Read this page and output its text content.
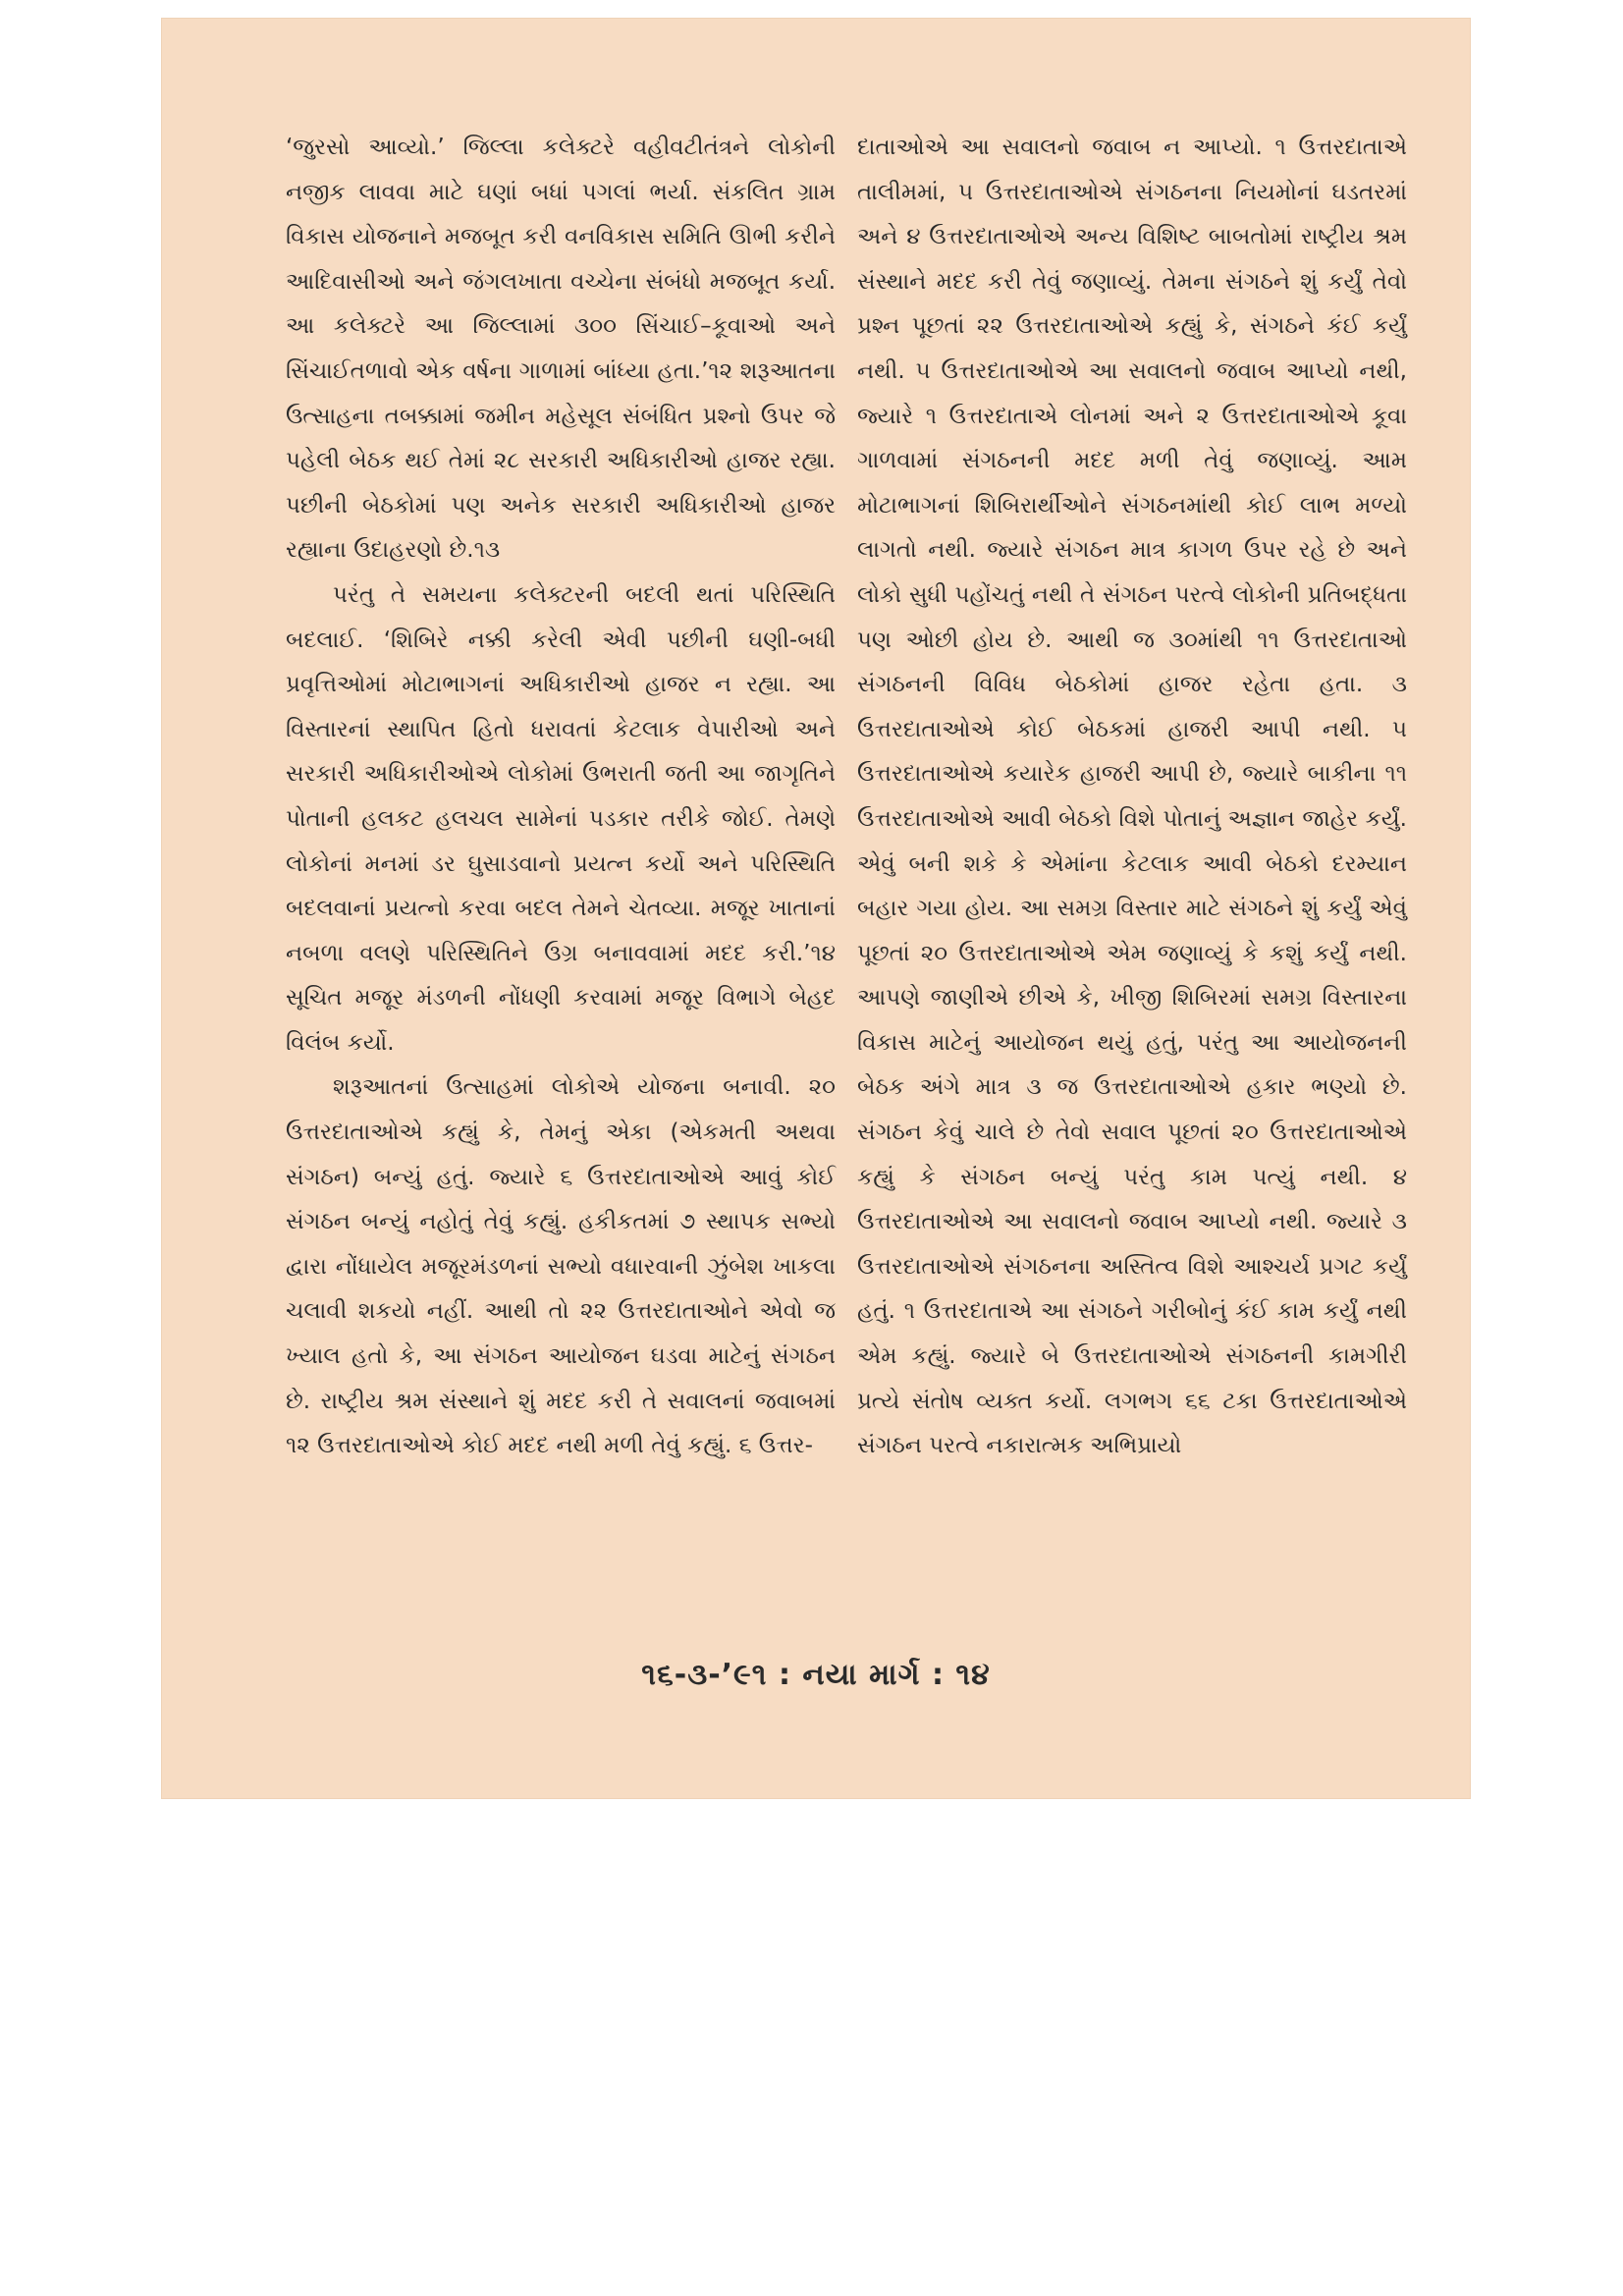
‘જુરસો આવ્યો.’ જિલ્લા કલેક્ટરે વહીવટીતંત્રને લોકોની નજીક લાવવા માટે ઘણાં બધાં પગલાં ભર્યા. સંકલિત ગ્રામ વિકાસ યોજનાને મજબૂત કરી વનવિકાસ સમિતિ ઊભી કરીને આદિવાસીઓ અને જંગલખાતા વચ્ચેના સંબંધો મજબૂત કર્યા. આ કલેક્ટરે આ જિલ્લામાં ૩૦૦ સિંચાઈ–કૂવાઓ અને સિંચાઈતળાવો એક વર્ષના ગાળામાં બાંધ્યા હતા.’૧૨ શરૂઆતના ઉત્સાહના તબક્કામાં જમીન મહેસૂલ સંબંધિત પ્રશ્નો ઉપર જે પહેલી બેઠક થઈ તેમાં ૨૮ સરકારી અધિકારીઓ હાજર રહ્યા. પછીની બેઠકોમાં પણ અનેક સરકારી અધિકારીઓ હાજર રહ્યાના ઉદાહરણો છે.૧૩

પરંતુ તે સમયના કલેક્ટરની બદલી થતાં પરિસ્થિતિ બદલાઈ. ‘શિબિરે નક્કી કરેલી એવી પછીની ઘણી-બધી પ્રવૃત્તિઓમાં મોટાભાગનાં અધિકારીઓ હાજર ન રહ્યા. આ વિસ્તારનાં સ્થાપિત હિતો ધરાવતાં કેટલાક વેપારીઓ અને સરકારી અધિકારીઓએ લોકોમાં ઉભરાતી જતી આ જાગૃતિને પોતાની હલકટ હલચલ સામેનાં પડકાર તરીકે જોઈ. તેમણે લોકોનાં મનમાં ડર ઘુસાડવાનો પ્રયત્ન કર્યો અને પરિસ્થિતિ બદલવાનાં પ્રયત્નો કરવા બદલ તેમને ચેતવ્યા. મજૂર ખાતાનાં નબળા વલણે પરિસ્થિતિને ઉગ્ર બનાવવામાં મદદ કરી.’૧૪ સૂચિત મજૂર મંડળની નોંધણી કરવામાં મજૂર વિભાગે બેહદ વિલંબ કર્યો.

શરૂઆતનાં ઉત્સાહમાં લોકોએ યોજના બનાવી. ૨૦ ઉત્તરદાતાઓએ કહ્યું કે, તેમનું એકા (એકમતી અથવા સંગઠન) બન્યું હતું. જ્યારે ૬ ઉત્તરદાતાઓએ આવું કોઈ સંગઠન બન્યું નહોતું તેવું કહ્યું. હકીકતમાં ૭ સ્થાપક સભ્યો દ્વારા નોંધાયેલ મજૂરમંડળનાં સભ્યો વધારવાની ઝુંબેશ ખાકલા ચલાવી શકયો નહીં. આથી તો ૨૨ ઉત્તરદાતાઓને એવો જ ખ્યાલ હતો કે, આ સંગઠન આયોજન ઘડવા માટેનું સંગઠન છે. રાષ્ટ્રીય શ્રમ સંસ્થાને શું મદદ કરી તે સવાલનાં જવાબમાં ૧૨ ઉત્તરદાતાઓએ કોઈ મદદ નથી મળી તેવું કહ્યું. ૬ ઉત્તર-

દાતાઓએ આ સવાલનો જવાબ ન આપ્યો. ૧ ઉત્તરદાતાએ તાલીમમાં, ૫ ઉત્તરદાતાઓએ સંગઠનના નિયમોનાં ઘડતરમાં અને ૪ ઉત્તરદાતાઓએ અન્ય વિશિષ્ટ બાબતોમાં રાષ્ટ્રીય શ્રમ સંસ્થાને મદદ કરી તેવું જણાવ્યું. તેમના સંગઠને શું કર્યું તેવો પ્રશ્ન પૂછતાં ૨૨ ઉત્તરદાતાઓએ કહ્યું કે, સંગઠને કંઈ કર્યું નથી. ૫ ઉત્તરદાતાઓએ આ સવાલનો જવાબ આપ્યો નથી, જ્યારે ૧ ઉત્તરદાતાએ લોનમાં અને ૨ ઉત્તરદાતાઓએ કૂવા ગાળવામાં સંગઠનની મદદ મળી તેવું જણાવ્યું. આમ મોટાભાગનાં શિબિરાર્થીઓને સંગઠનમાંથી કોઈ લાભ મળ્યો લાગતો નથી. જ્યારે સંગઠન માત્ર કાગળ ઉપર રહે છે અને લોકો સુધી પહોંચતું નથી તે સંગઠન પરત્વે લોકોની પ્રતિબદ્ધતા પણ ઓછી હોય છે. આથી જ ૩૦માંથી ૧૧ ઉત્તરદાતાઓ સંગઠનની વિવિધ બેઠકોમાં હાજર રહેતા હતા. ૩ ઉત્તરદાતાઓએ કોઈ બેઠકમાં હાજરી આપી નથી. ૫ ઉત્તરદાતાઓએ કયારેક હાજરી આપી છે, જ્યારે બાકીના ૧૧ ઉત્તરદાતાઓએ આવી બેઠકો વિશે પોતાનું અજ્ઞાન જાહેર કર્યું. એવું બની શકે કે એમાંના કેટલાક આવી બેઠકો દરમ્યાન બહાર ગયા હોય. આ સમગ્ર વિસ્તાર માટે સંગઠને શું કર્યું એવું પૂછતાં ૨૦ ઉત્તરદાતાઓએ એમ જણાવ્યું કે કશું કર્યું નથી. આપણે જાણીએ છીએ કે, ખીજી શિબિરમાં સમગ્ર વિસ્તારના વિકાસ માટેનું આયોજન થયું હતું, પરંતુ આ આયોજનની બેઠક અંગે માત્ર ૩ જ ઉત્તરદાતાઓએ હકાર ભણ્યો છે. સંગઠન કેવું ચાલે છે તેવો સવાલ પૂછતાં ૨૦ ઉત્તરદાતાઓએ કહ્યું કે સંગઠન બન્યું પરંતુ કામ પત્યું નથી. ૪ ઉત્તરદાતાઓએ આ સવાલનો જવાબ આપ્યો નથી. જ્યારે ૩ ઉત્તરદાતાઓએ સંગઠનના અસ્તિત્વ વિશે આશ્ચર્ય પ્રગટ કર્યું હતું. ૧ ઉત્તરદાતાએ આ સંગઠને ગરીબોનું કંઈ કામ કર્યું નથી એમ કહ્યું. જ્યારે બે ઉત્તરદાતાઓએ સંગઠનની કામગીરી પ્રત્યે સંતોષ વ્યક્ત કર્યો. લગભગ ૬૬ ટકા ઉત્તરદાતાઓએ સંગઠન પરત્વે નકારાત્મક અભિપ્રાયો

૧૬-૩-’૯૧ : નયા માર્ગ : ૧૪
